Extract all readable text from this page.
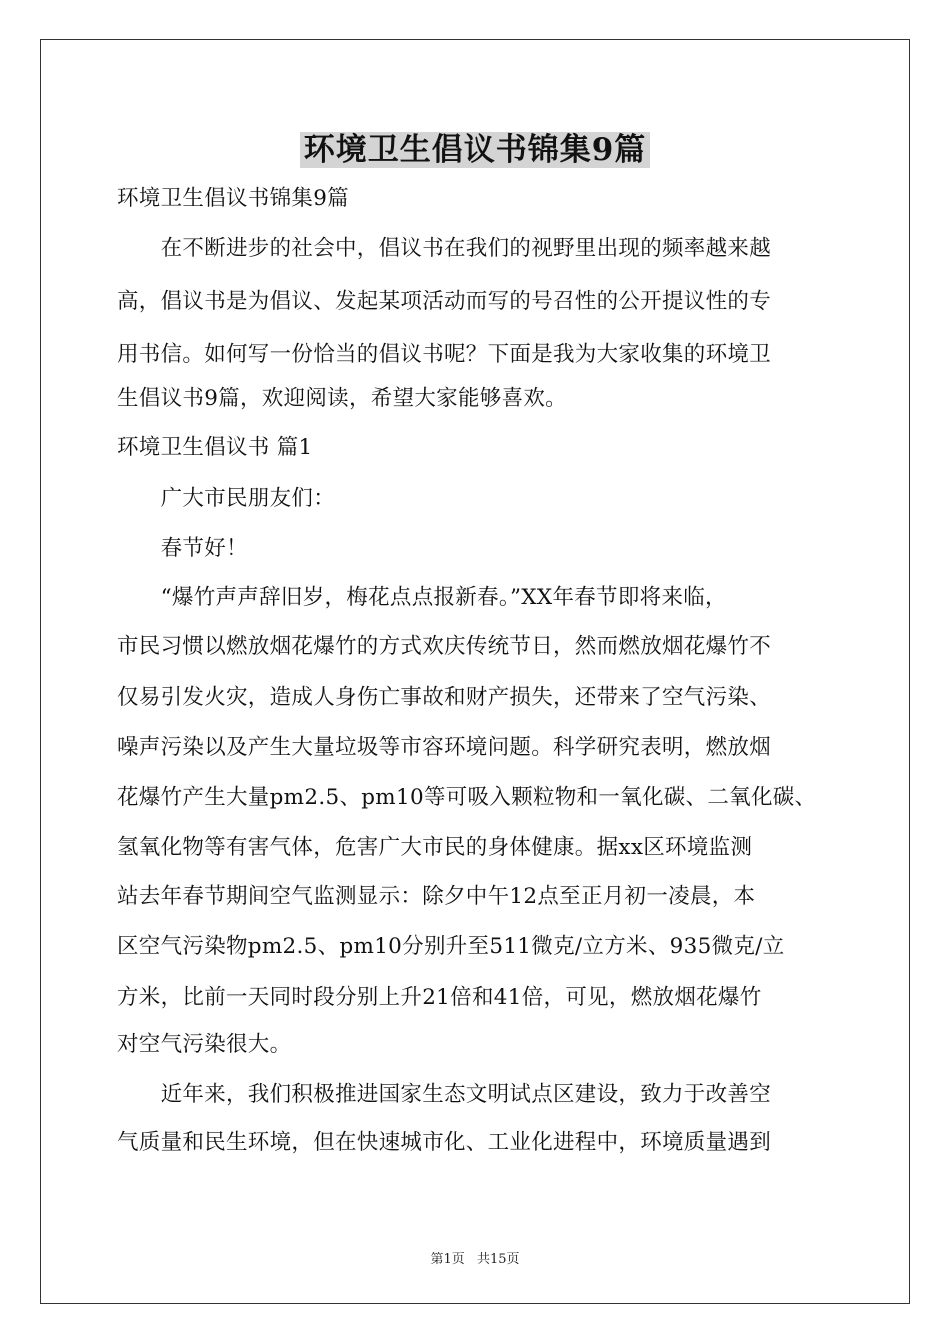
环境卫生倡议书锦集9篇
环境卫生倡议书锦集9篇
　　在不断进步的社会中，倡议书在我们的视野里出现的频率越来越
高，倡议书是为倡议、发起某项活动而写的号召性的公开提议性的专
用书信。如何写一份恰当的倡议书呢？下面是我为大家收集的环境卫
生倡议书9篇，欢迎阅读，希望大家能够喜欢。
环境卫生倡议书 篇1
　　广大市民朋友们：
　　春节好！
　　“爆竹声声辞旧岁，梅花点点报新春。”XX年春节即将来临，
市民习惯以燃放烟花爆竹的方式欢庆传统节日，然而燃放烟花爆竹不
仅易引发火灾，造成人身伤亡事故和财产损失，还带来了空气污染、
噪声污染以及产生大量垃圾等市容环境问题。科学研究表明，燃放烟
花爆竹产生大量pm2.5、pm10等可吸入颗粒物和一氧化碳、二氧化碳、
氢氧化物等有害气体，危害广大市民的身体健康。据xx区环境监测
站去年春节期间空气监测显示：除夕中午12点至正月初一凌晨，本
区空气污染物pm2.5、pm10分别升至511微克/立方米、935微克/立
方米，比前一天同时段分别上升21倍和41倍，可见，燃放烟花爆竹
对空气污染很大。
　　近年来，我们积极推进国家生态文明试点区建设，致力于改善空
气质量和民生环境，但在快速城市化、工业化进程中，环境质量遇到
第1页 共15页
